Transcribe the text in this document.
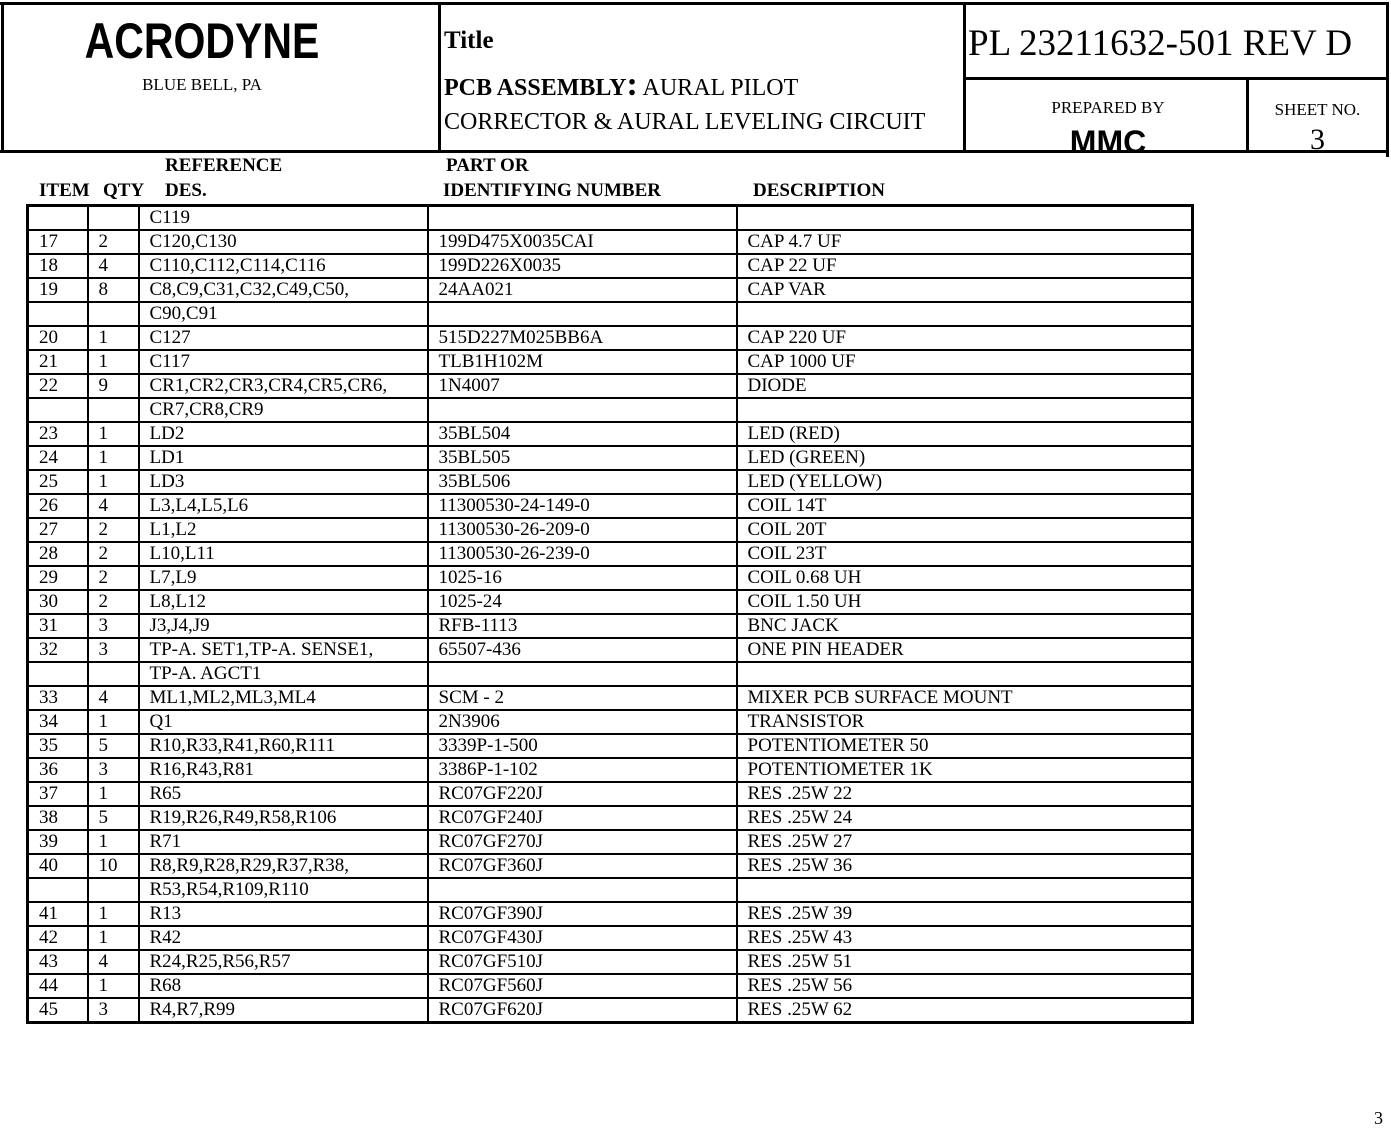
ACRODYNE
BLUE BELL, PA
Title
PCB ASSEMBLY: AURAL PILOT
CORRECTOR & AURAL LEVELING CIRCUIT
PL 23211632-501 REV D
PREPARED BY
MMC
SHEET NO.
3
REFERENCE	PART OR
ITEM QTY DES.	IDENTIFYING NUMBER	DESCRIPTION
		C119		
17	2	C120,C130	199D475X0035CAI	CAP 4.7 UF
18	4	C110,C112,C114,C116	199D226X0035	CAP 22 UF
19	8	C8,C9,C31,C32,C49,C50,	24AA021	CAP VAR
		C90,C91		
20	1	C127	515D227M025BB6A	CAP 220 UF
21	1	C117	TLB1H102M	CAP 1000 UF
22	9	CR1,CR2,CR3,CR4,CR5,CR6,	1N4007	DIODE
		CR7,CR8,CR9		
23	1	LD2	35BL504	LED (RED)
24	1	LD1	35BL505	LED (GREEN)
25	1	LD3	35BL506	LED (YELLOW)
26	4	L3,L4,L5,L6	11300530-24-149-0	COIL 14T
27	2	L1,L2	11300530-26-209-0	COIL 20T
28	2	L10,L11	11300530-26-239-0	COIL 23T
29	2	L7,L9	1025-16	COIL 0.68 UH
30	2	L8,L12	1025-24	COIL 1.50 UH
31	3	J3,J4,J9	RFB-1113	BNC JACK
32	3	TP-A. SET1,TP-A. SENSE1,	65507-436	ONE PIN HEADER
		TP-A. AGCT1		
33	4	ML1,ML2,ML3,ML4	SCM - 2	MIXER PCB SURFACE MOUNT
34	1	Q1	2N3906	TRANSISTOR
35	5	R10,R33,R41,R60,R111	3339P-1-500	POTENTIOMETER 50
36	3	R16,R43,R81	3386P-1-102	POTENTIOMETER 1K
37	1	R65	RC07GF220J	RES .25W 22
38	5	R19,R26,R49,R58,R106	RC07GF240J	RES .25W 24
39	1	R71	RC07GF270J	RES .25W 27
40	10	R8,R9,R28,R29,R37,R38,	RC07GF360J	RES .25W 36
		R53,R54,R109,R110		
41	1	R13	RC07GF390J	RES .25W 39
42	1	R42	RC07GF430J	RES .25W 43
43	4	R24,R25,R56,R57	RC07GF510J	RES .25W 51
44	1	R68	RC07GF560J	RES .25W 56
45	3	R4,R7,R99	RC07GF620J	RES .25W 62
3
